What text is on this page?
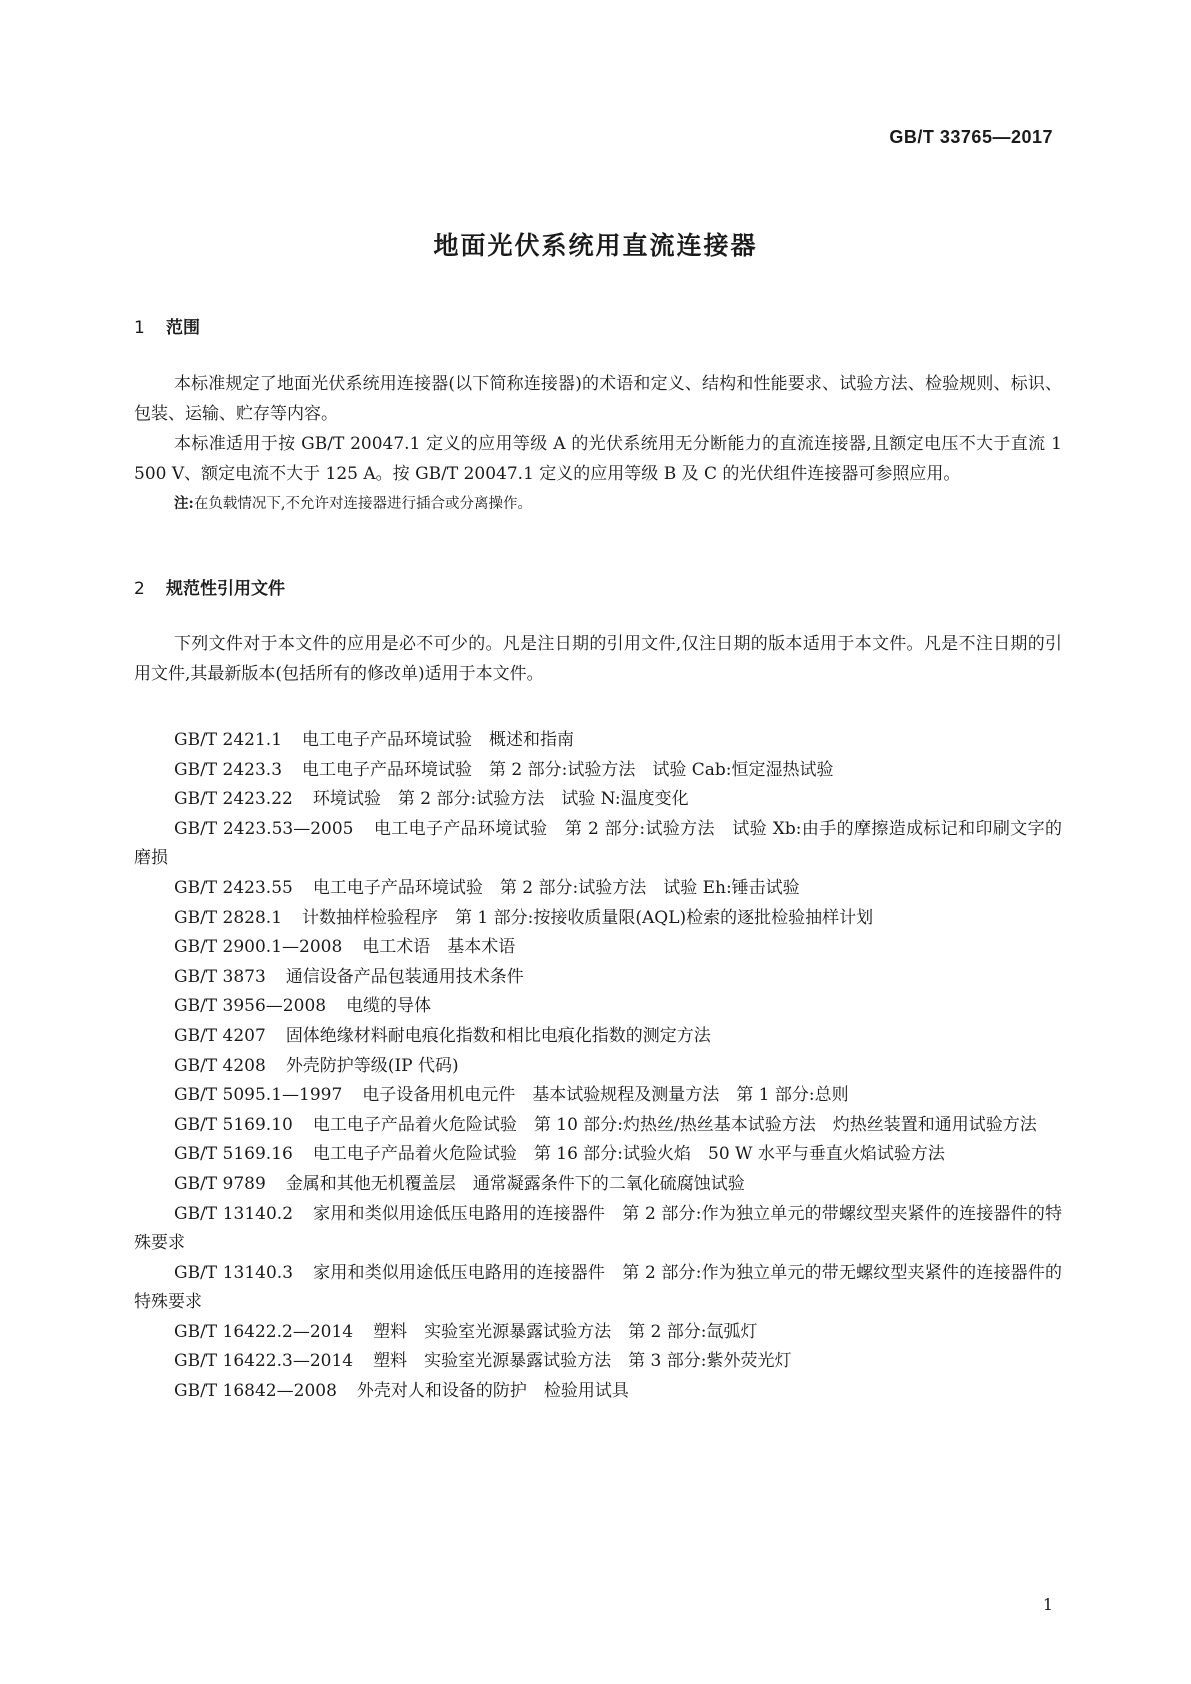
GB/T 33765—2017
地面光伏系统用直流连接器
1 范围

本标准规定了地面光伏系统用连接器(以下简称连接器)的术语和定义、结构和性能要求、试验方法、检验规则、标识、包装、运输、贮存等内容。

本标准适用于按 GB/T 20047.1 定义的应用等级 A 的光伏系统用无分断能力的直流连接器,且额定电压不大于直流 1 500 V、额定电流不大于 125 A。按 GB/T 20047.1 定义的应用等级 B 及 C 的光伏组件连接器可参照应用。

注:在负载情况下,不允许对连接器进行插合或分离操作。

2 规范性引用文件

下列文件对于本文件的应用是必不可少的。凡是注日期的引用文件,仅注日期的版本适用于本文件。凡是不注日期的引用文件,其最新版本(包括所有的修改单)适用于本文件。

GB/T 2421.1 电工电子产品环境试验　概述和指南
GB/T 2423.3 电工电子产品环境试验　第 2 部分:试验方法　试验 Cab:恒定湿热试验
GB/T 2423.22 环境试验　第 2 部分:试验方法　试验 N:温度变化
GB/T 2423.53—2005 电工电子产品环境试验　第 2 部分:试验方法　试验 Xb:由手的摩擦造成标记和印刷文字的磨损
GB/T 2423.55 电工电子产品环境试验　第 2 部分:试验方法　试验 Eh:锤击试验
GB/T 2828.1 计数抽样检验程序　第 1 部分:按接收质量限(AQL)检索的逐批检验抽样计划
GB/T 2900.1—2008 电工术语　基本术语
GB/T 3873 通信设备产品包装通用技术条件
GB/T 3956—2008 电缆的导体
GB/T 4207 固体绝缘材料耐电痕化指数和相比电痕化指数的测定方法
GB/T 4208 外壳防护等级(IP 代码)
GB/T 5095.1—1997 电子设备用机电元件　基本试验规程及测量方法　第 1 部分:总则
GB/T 5169.10 电工电子产品着火危险试验　第 10 部分:灼热丝/热丝基本试验方法　灼热丝装置和通用试验方法
GB/T 5169.16 电工电子产品着火危险试验　第 16 部分:试验火焰　50 W 水平与垂直火焰试验方法
GB/T 9789 金属和其他无机覆盖层　通常凝露条件下的二氧化硫腐蚀试验
GB/T 13140.2 家用和类似用途低压电路用的连接器件　第 2 部分:作为独立单元的带螺纹型夹紧件的连接器件的特殊要求
GB/T 13140.3 家用和类似用途低压电路用的连接器件　第 2 部分:作为独立单元的带无螺纹型夹紧件的连接器件的特殊要求
GB/T 16422.2—2014 塑料　实验室光源暴露试验方法　第 2 部分:氙弧灯
GB/T 16422.3—2014 塑料　实验室光源暴露试验方法　第 3 部分:紫外荧光灯
GB/T 16842—2008 外壳对人和设备的防护　检验用试具
1
